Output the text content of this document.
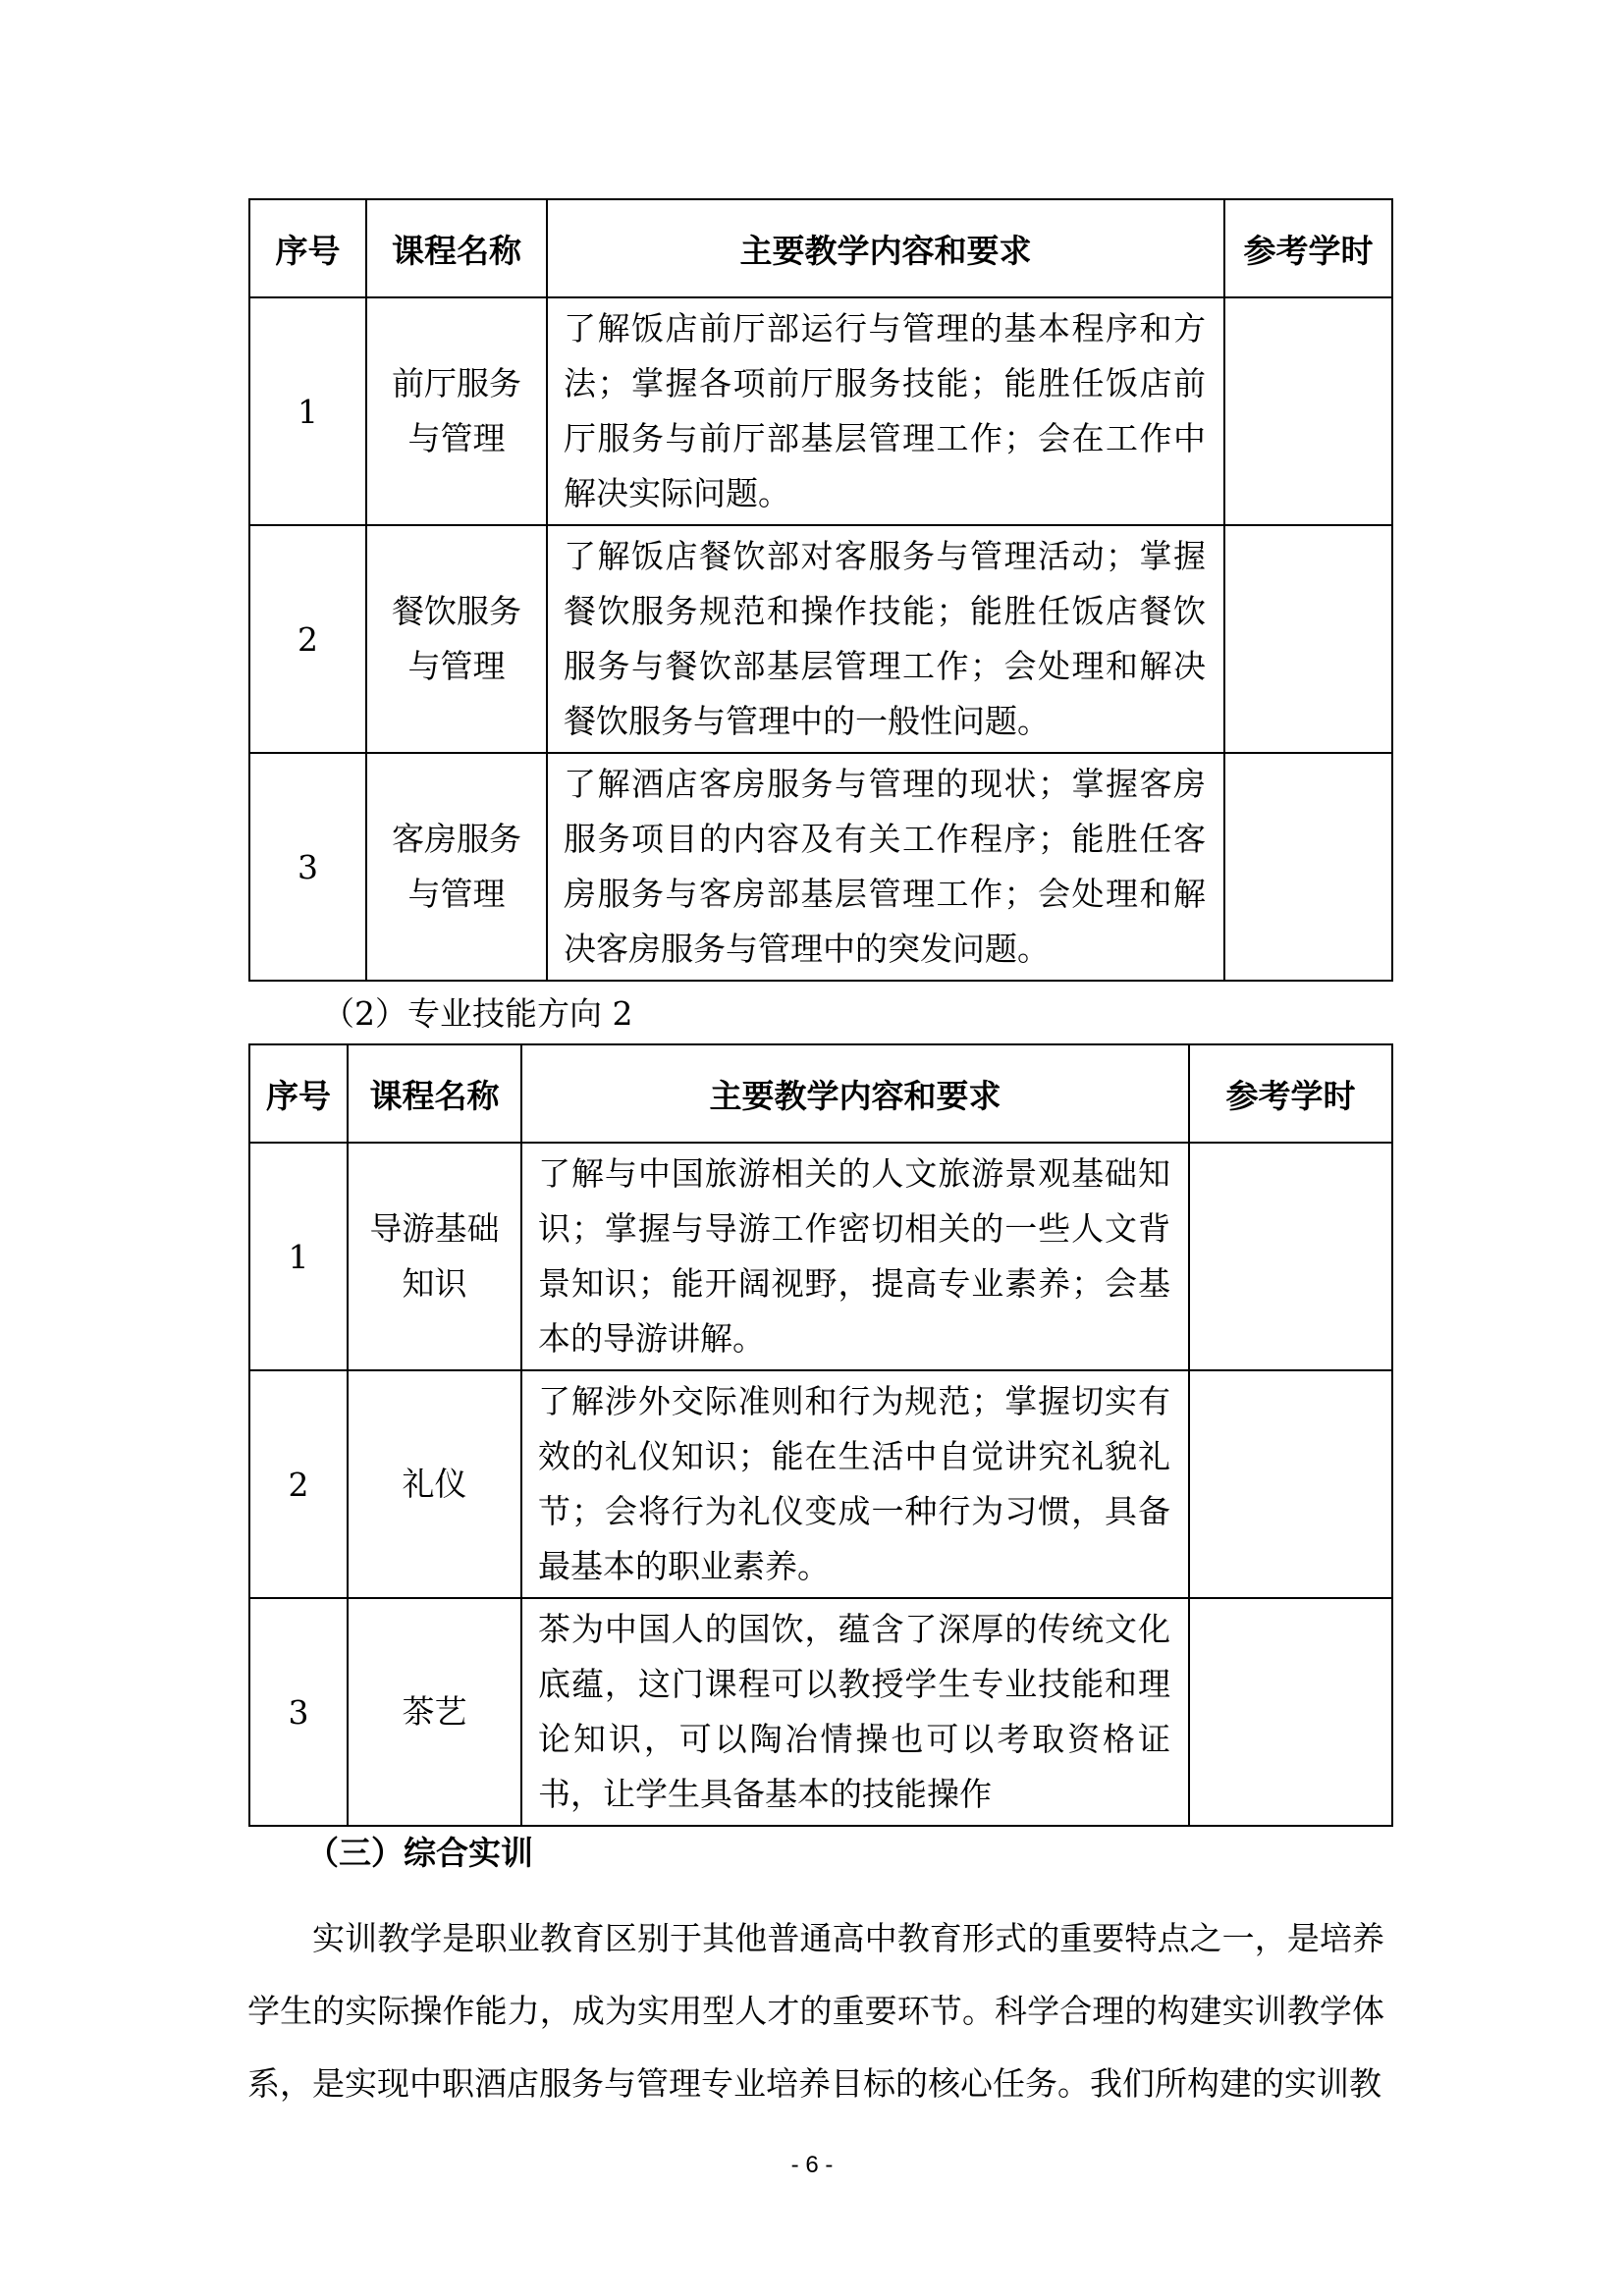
序号	课程名称	主要教学内容和要求	参考学时
1	前厅服务与管理	了解饭店前厅部运行与管理的基本程序和方法；掌握各项前厅服务技能；能胜任饭店前厅服务与前厅部基层管理工作；会在工作中解决实际问题。	
2	餐饮服务与管理	了解饭店餐饮部对客服务与管理活动；掌握餐饮服务规范和操作技能；能胜任饭店餐饮服务与餐饮部基层管理工作；会处理和解决餐饮服务与管理中的一般性问题。	
3	客房服务与管理	了解酒店客房服务与管理的现状；掌握客房服务项目的内容及有关工作程序；能胜任客房服务与客房部基层管理工作；会处理和解决客房服务与管理中的突发问题。	
（2）专业技能方向 2
序号	课程名称	主要教学内容和要求	参考学时
1	导游基础知识	了解与中国旅游相关的人文旅游景观基础知识；掌握与导游工作密切相关的一些人文背景知识；能开阔视野，提高专业素养；会基本的导游讲解。	
2	礼仪	了解涉外交际准则和行为规范；掌握切实有效的礼仪知识；能在生活中自觉讲究礼貌礼节；会将行为礼仪变成一种行为习惯，具备最基本的职业素养。	
3	茶艺	茶为中国人的国饮，蕴含了深厚的传统文化底蕴，这门课程可以教授学生专业技能和理论知识，可以陶冶情操也可以考取资格证书，让学生具备基本的技能操作	
（三）综合实训

实训教学是职业教育区别于其他普通高中教育形式的重要特点之一，是培养学生的实际操作能力，成为实用型人才的重要环节。科学合理的构建实训教学体系，是实现中职酒店服务与管理专业培养目标的核心任务。我们所构建的实训教

- 6 -
